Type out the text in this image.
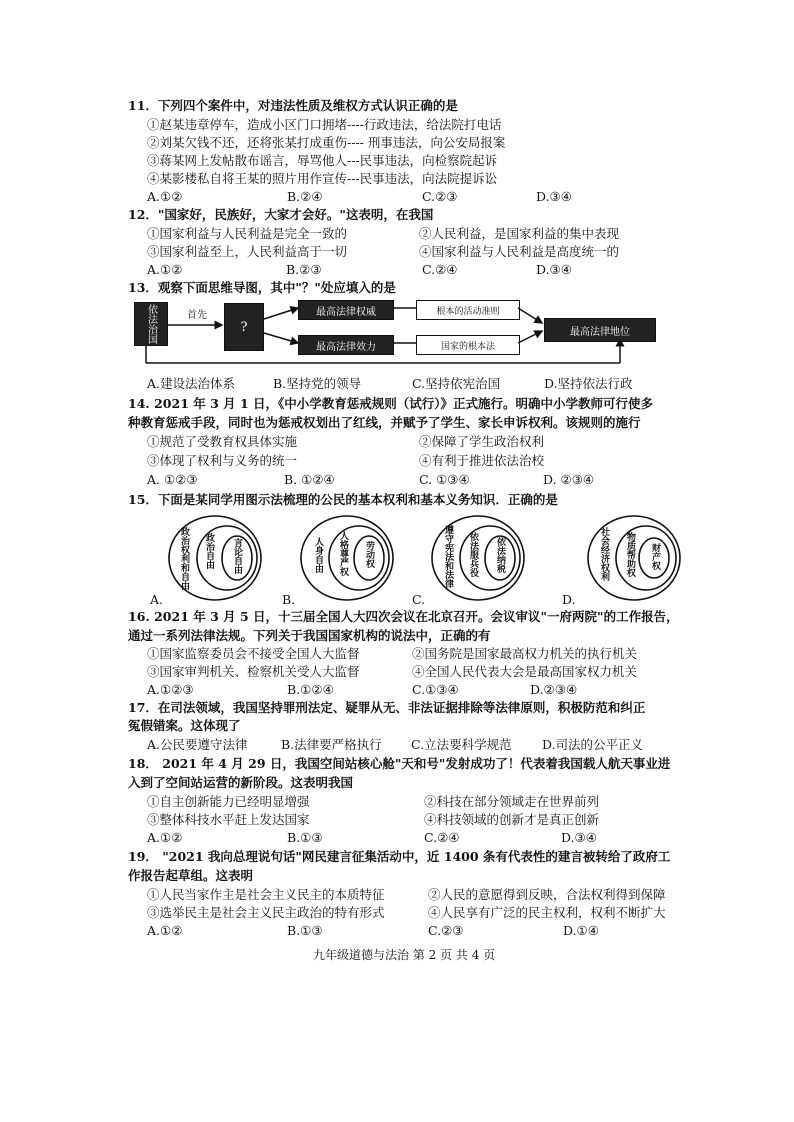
11．下列四个案件中，对违法性质及维权方式认识正确的是
①赵某违章停车，造成小区门口拥堵----行政违法，给法院打电话
②刘某欠钱不还，还将张某打成重伤---- 刑事违法，向公安局报案
③蒋某网上发帖散布谣言，辱骂他人---民事违法，向检察院起诉
④某影楼私自将王某的照片用作宣传---民事违法，向法院提诉讼
A.①②	B.②④	C.②③	D.③④
12．"国家好，民族好，大家才会好。"这表明，在我国
①国家利益与人民利益是完全一致的	②人民利益，是国家利益的集中表现
③国家利益至上，人民利益高于一切	④国家利益与人民利益是高度统一的
A.①②	B.②③	C.②④	D.③④
13．观察下面思维导图，其中"？"处应填入的是
依法治国	首先
?
最高法律权威	根本的活动准则
最高法律效力	国家的根本法
最高法律地位
A.建设法治体系	B.坚持党的领导	C.坚持依宪治国	D.坚持依法行政
14. 2021 年 3 月 1 日，《中小学教育惩戒规则（试行）》正式施行。明确中小学教师可行使多
种教育惩戒手段，同时也为惩戒权划出了红线，并赋予了学生、家长申诉权利。该规则的施行
①规范了受教育权具体实施	②保障了学生政治权利
③体现了权利与义务的统一	④有利于推进依法治校
A. ①②③	B. ①②④	C. ①③④	D. ②③④
15．下面是某同学用图示法梳理的公民的基本权利和基本义务知识．正确的是
政治权利和自由 政治自由 言论自由
A.
人身自由 人格尊严权 劳动权
B.
遵守宪法和法律 依法服兵役 依法纳税
C.
社会经济权利 物质帮助权 财产权
D.
16. 2021 年 3 月 5 日，十三届全国人大四次会议在北京召开。会议审议"一府两院"的工作报告，
通过一系列法律法规。下列关于我国国家机构的说法中，正确的有
①国家监察委员会不接受全国人大监督	②国务院是国家最高权力机关的执行机关
③国家审判机关、检察机关受人大监督	④全国人民代表大会是最高国家权力机关
A.①②③	B.①②④	C.①③④	D.②③④
17．在司法领域，我国坚持罪刑法定、疑罪从无、非法证据排除等法律原则，积极防范和纠正
冤假错案。这体现了
A.公民要遵守法律	B.法律要严格执行 C.立法要科学规范 D.司法的公平正义
18． 2021 年 4 月 29 日，我国空间站核心舱"天和号"发射成功了！代表着我国载人航天事业进
入到了空间站运营的新阶段。这表明我国
①自主创新能力已经明显增强	②科技在部分领域走在世界前列
③整体科技水平赶上发达国家	④科技领域的创新才是真正创新
A.①②	B.①③	C.②④	D.③④
19． "2021 我向总理说句话"网民建言征集活动中，近 1400 条有代表性的建言被转给了政府工
作报告起草组。这表明
①人民当家作主是社会主义民主的本质特征	②人民的意愿得到反映，合法权利得到保障
③选举民主是社会主义民主政治的特有形式	④人民享有广泛的民主权利，权利不断扩大
A.①②	B.①③	C.②③	D.①④
九年级道德与法治 第 2 页 共 4 页
